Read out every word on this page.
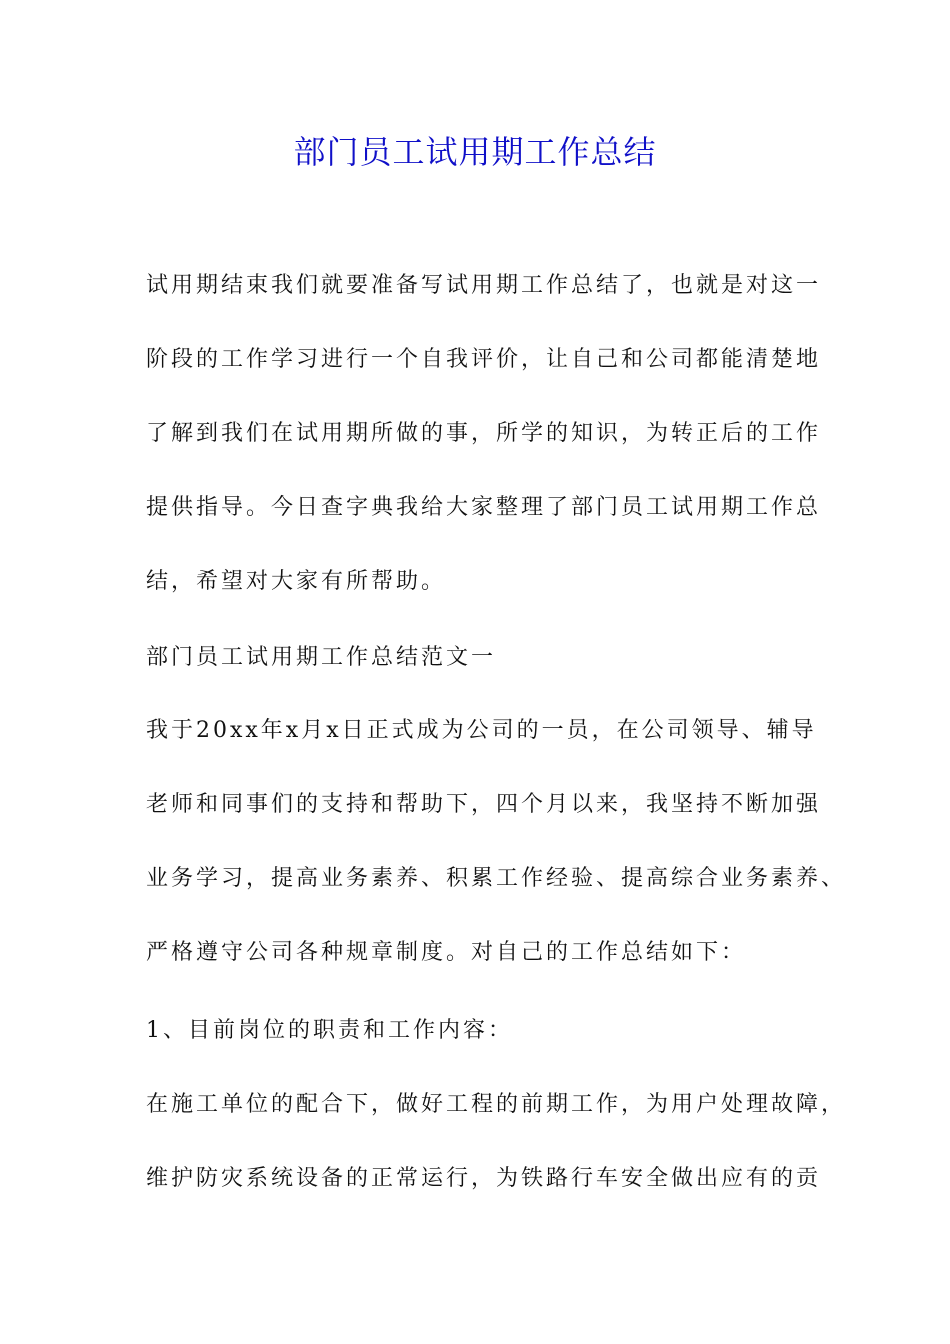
部门员工试用期工作总结
试用期结束我们就要准备写试用期工作总结了，也就是对这一
阶段的工作学习进行一个自我评价，让自己和公司都能清楚地
了解到我们在试用期所做的事，所学的知识，为转正后的工作
提供指导。今日查字典我给大家整理了部门员工试用期工作总
结，希望对大家有所帮助。
部门员工试用期工作总结范文一
我于20xx年x月x日正式成为公司的一员，在公司领导、辅导
老师和同事们的支持和帮助下，四个月以来，我坚持不断加强
业务学习，提高业务素养、积累工作经验、提高综合业务素养、
严格遵守公司各种规章制度。对自己的工作总结如下：
1、目前岗位的职责和工作内容：
在施工单位的配合下，做好工程的前期工作，为用户处理故障，
维护防灾系统设备的正常运行，为铁路行车安全做出应有的贡
